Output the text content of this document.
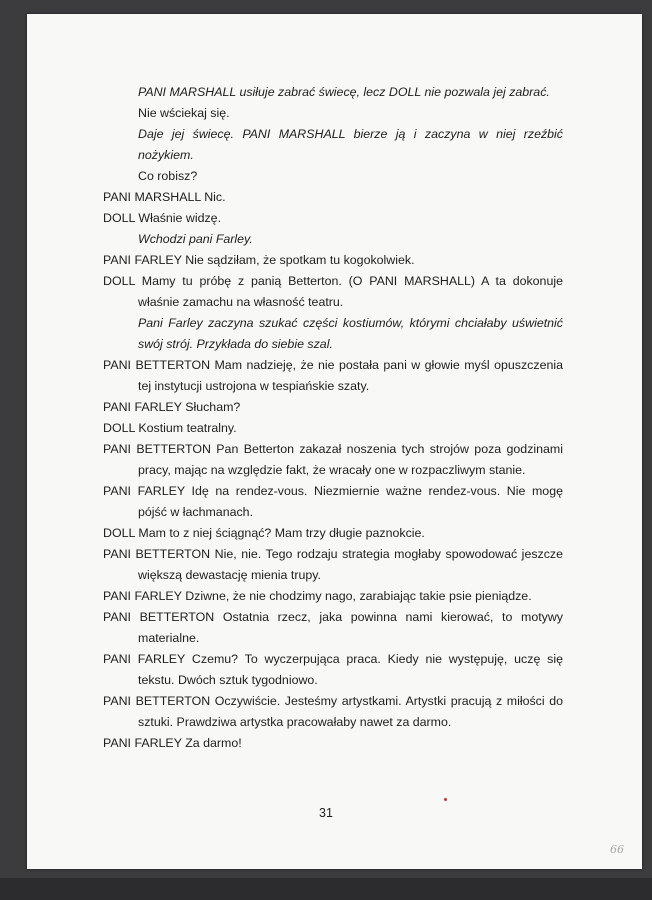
PANI MARSHALL usiłuje zabrać świecę, lecz DOLL nie pozwala jej zabrać.
Nie wściekaj się.
Daje jej świecę. PANI MARSHALL bierze ją i zaczyna w niej rzeźbić nożykiem.
Co robisz?
PANI MARSHALL Nic.
DOLL Właśnie widzę.
Wchodzi pani Farley.
PANI FARLEY Nie sądziłam, że spotkam tu kogokolwiek.
DOLL Mamy tu próbę z panią Betterton. (O PANI MARSHALL) A ta dokonuje właśnie zamachu na własność teatru.
Pani Farley zaczyna szukać części kostiumów, którymi chciałaby uświetnić swój strój. Przykłada do siebie szal.
PANI BETTERTON Mam nadzieję, że nie postała pani w głowie myśl opuszczenia tej instytucji ustrojona w tespiańskie szaty.
PANI FARLEY Słucham?
DOLL Kostium teatralny.
PANI BETTERTON Pan Betterton zakazał noszenia tych strojów poza godzinami pracy, mając na względzie fakt, że wracały one w rozpaczliwym stanie.
PANI FARLEY Idę na rendez-vous. Niezmiernie ważne rendez-vous. Nie mogę pójść w łachmanach.
DOLL Mam to z niej ściągnąć? Mam trzy długie paznokcie.
PANI BETTERTON Nie, nie. Tego rodzaju strategia mogłaby spowodować jeszcze większą dewastację mienia trupy.
PANI FARLEY Dziwne, że nie chodzimy nago, zarabiając takie psie pieniądze.
PANI BETTERTON Ostatnia rzecz, jaka powinna nami kierować, to motywy materialne.
PANI FARLEY Czemu? To wyczerpująca praca. Kiedy nie występuję, uczę się tekstu. Dwóch sztuk tygodniowo.
PANI BETTERTON Oczywiście. Jesteśmy artystkami. Artystki pracują z miłości do sztuki. Prawdziwa artystka pracowałaby nawet za darmo.
PANI FARLEY Za darmo!
31
66
